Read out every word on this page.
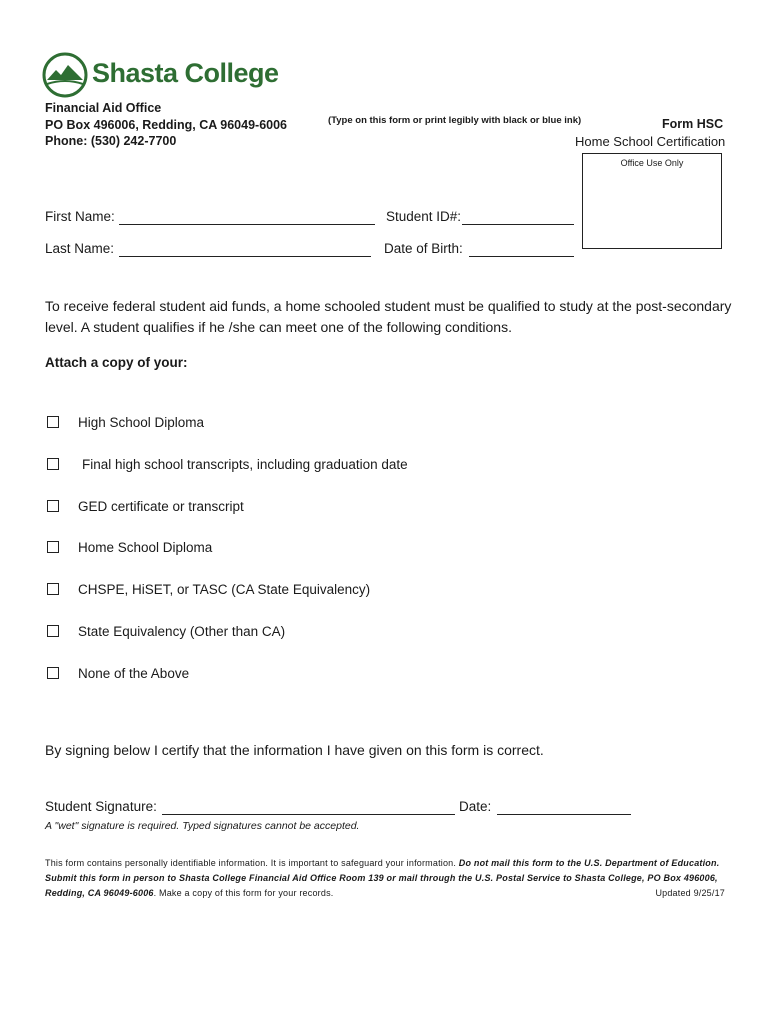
Shasta College
Financial Aid Office
PO Box 496006, Redding, CA 96049-6006
Phone: (530) 242-7700
(Type on this form or print legibly with black or blue ink)	Form HSC
Home School Certification
Office Use Only
First Name:	Student ID#:
Last Name:	Date of Birth:
To receive federal student aid funds, a home schooled student must be qualified to study at the post-secondary level. A student qualifies if he /she can meet one of the following conditions.
Attach a copy of your:
High School Diploma
Final high school transcripts, including graduation date
GED certificate or transcript
Home School Diploma
CHSPE, HiSET, or TASC (CA State Equivalency)
State Equivalency (Other than CA)
None of the Above
By signing below I certify that the information I have given on this form is correct.
Student Signature:	Date:
A "wet" signature is required. Typed signatures cannot be accepted.
This form contains personally identifiable information. It is important to safeguard your information. Do not mail this form to the U.S. Department of Education. Submit this form in person to Shasta College Financial Aid Office Room 139 or mail through the U.S. Postal Service to Shasta College, PO Box 496006, Redding, CA 96049-6006. Make a copy of this form for your records.	Updated 9/25/17
